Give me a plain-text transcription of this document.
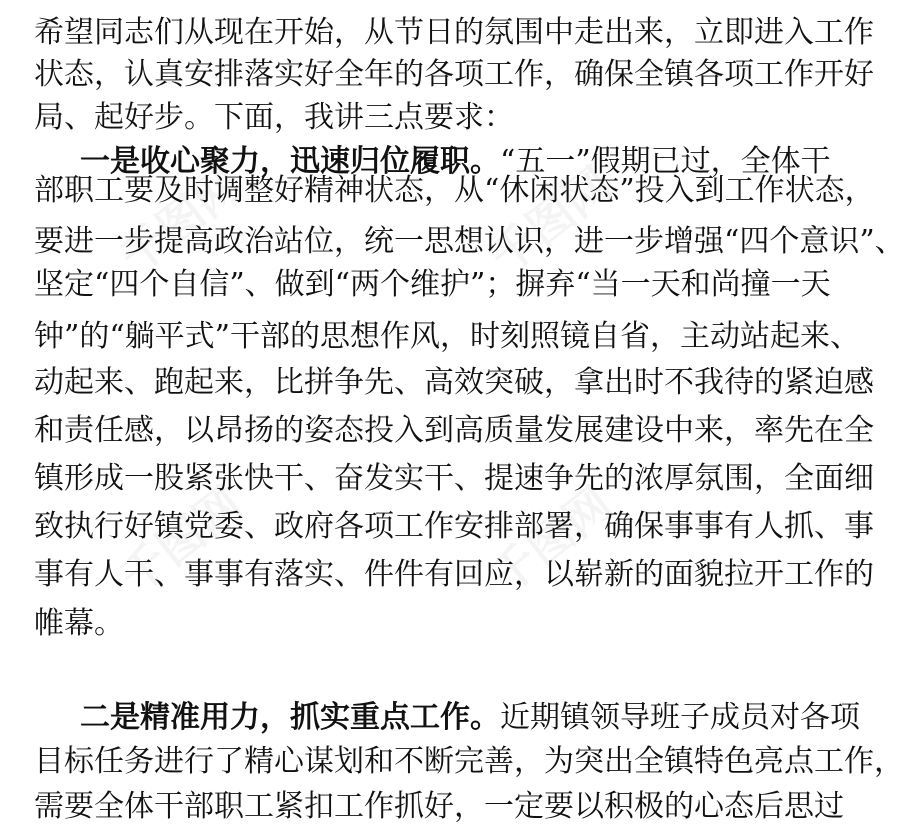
千图网	千图网
千图网	千图网
希望同志们从现在开始，从节日的氛围中走出来，立即进入工作
状态，认真安排落实好全年的各项工作，确保全镇各项工作开好
局、起好步。下面，我讲三点要求：
一是收心聚力，迅速归位履职。“五一”假期已过，全体干
部职工要及时调整好精神状态，从“休闲状态”投入到工作状态，
要进一步提高政治站位，统一思想认识，进一步增强“四个意识”、
坚定“四个自信”、做到“两个维护”；摒弃“当一天和尚撞一天
钟”的“躺平式”干部的思想作风，时刻照镜自省，主动站起来、
动起来、跑起来，比拼争先、高效突破，拿出时不我待的紧迫感
和责任感，以昂扬的姿态投入到高质量发展建设中来，率先在全
镇形成一股紧张快干、奋发实干、提速争先的浓厚氛围，全面细
致执行好镇党委、政府各项工作安排部署，确保事事有人抓、事
事有人干、事事有落实、件件有回应，以崭新的面貌拉开工作的
帷幕。
二是精准用力，抓实重点工作。近期镇领导班子成员对各项
目标任务进行了精心谋划和不断完善，为突出全镇特色亮点工作，
需要全体干部职工紧扣工作抓好，一定要以积极的心态后思过
